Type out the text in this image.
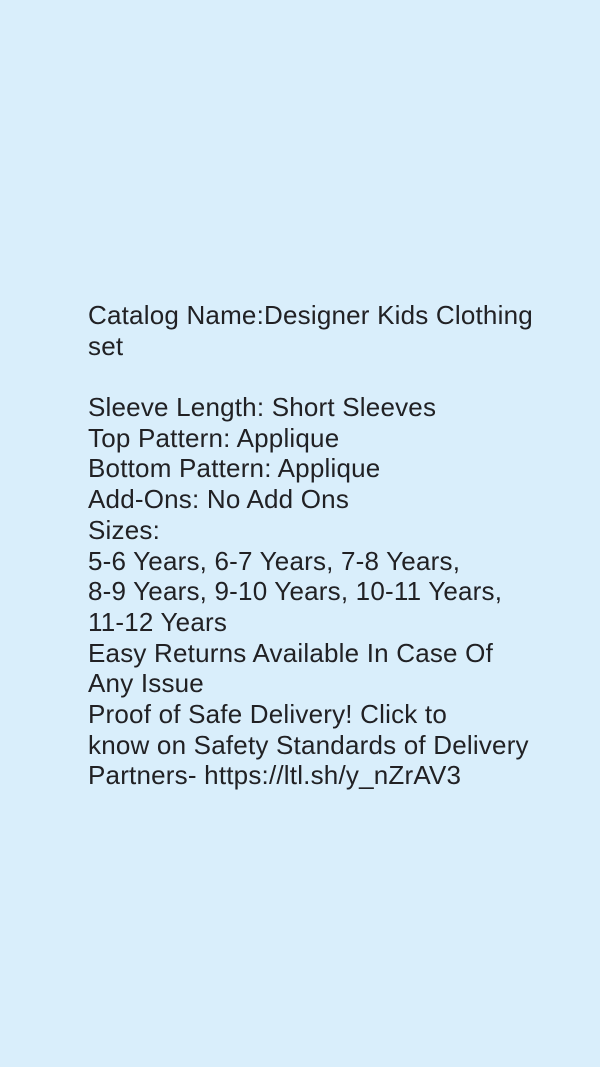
Catalog Name:Designer Kids Clothing
set
Sleeve Length: Short Sleeves
Top Pattern: Applique
Bottom Pattern: Applique
Add-Ons: No Add Ons
Sizes:
5-6 Years, 6-7 Years, 7-8 Years,
8-9 Years, 9-10 Years, 10-11 Years,
11-12 Years
Easy Returns Available In Case Of
Any Issue
Proof of Safe Delivery! Click to
know on Safety Standards of Delivery
Partners- https://ltl.sh/y_nZrAV3
